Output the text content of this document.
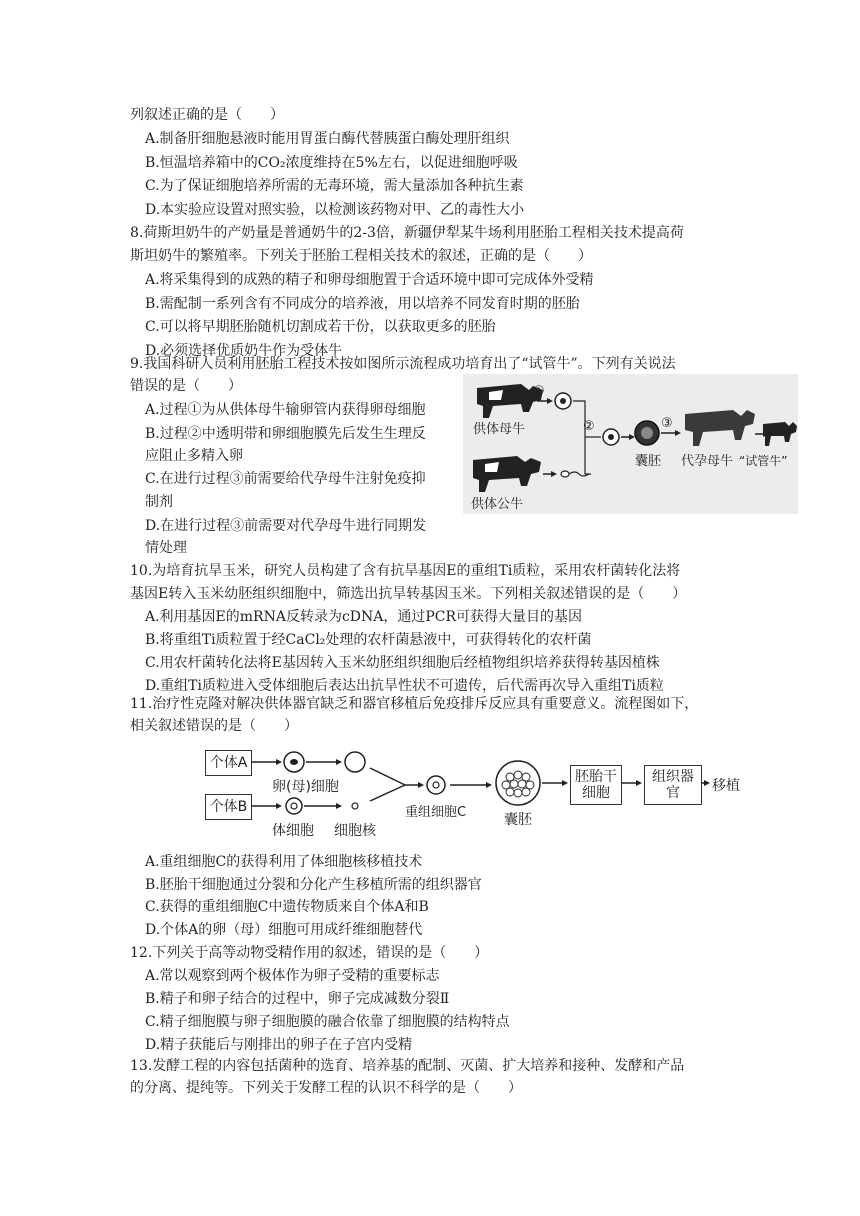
列叙述正确的是（　　）
A.制备肝细胞悬液时能用胃蛋白酶代替胰蛋白酶处理肝组织
B.恒温培养箱中的CO₂浓度维持在5%左右，以促进细胞呼吸
C.为了保证细胞培养所需的无毒环境，需大量添加各种抗生素
D.本实验应设置对照实验，以检测该药物对甲、乙的毒性大小
8.荷斯坦奶牛的产奶量是普通奶牛的2-3倍，新疆伊犁某牛场利用胚胎工程相关技术提高荷
斯坦奶牛的繁殖率。下列关于胚胎工程相关技术的叙述，正确的是（　　）
A.将采集得到的成熟的精子和卵母细胞置于合适环境中即可完成体外受精
B.需配制一系列含有不同成分的培养液，用以培养不同发育时期的胚胎
C.可以将早期胚胎随机切割成若干份，以获取更多的胚胎
D.必须选择优质奶牛作为受体牛
9.我国科研人员利用胚胎工程技术按如图所示流程成功培育出了“试管牛”。下列有关说法
错误的是（　　）
A.过程①为从供体母牛输卵管内获得卵母细胞
B.过程②中透明带和卵细胞膜先后发生生理反
应阻止多精入卵
C.在进行过程③前需要给代孕母牛注射免疫抑
制剂
D.在进行过程③前需要对代孕母牛进行同期发
情处理
10.为培育抗旱玉米，研究人员构建了含有抗旱基因E的重组Ti质粒，采用农杆菌转化法将
基因E转入玉米幼胚组织细胞中，筛选出抗旱转基因玉米。下列相关叙述错误的是（　　）
A.利用基因E的mRNA反转录为cDNA，通过PCR可获得大量目的基因
B.将重组Ti质粒置于经CaCl₂处理的农杆菌悬液中，可获得转化的农杆菌
C.用农杆菌转化法将E基因转入玉米幼胚组织细胞后经植物组织培养获得转基因植株
D.重组Ti质粒进入受体细胞后表达出抗旱性状不可遗传，后代需再次导入重组Ti质粒
11.治疗性克隆对解决供体器官缺乏和器官移植后免疫排斥反应具有重要意义。流程图如下，
相关叙述错误的是（　　）
A.重组细胞C的获得利用了体细胞核移植技术
B.胚胎干细胞通过分裂和分化产生移植所需的组织器官
C.获得的重组细胞C中遗传物质来自个体A和B
D.个体A的卵（母）细胞可用成纤维细胞替代
12.下列关于高等动物受精作用的叙述，错误的是（　　）
A.常以观察到两个极体作为卵子受精的重要标志
B.精子和卵子结合的过程中，卵子完成减数分裂Ⅱ
C.精子细胞膜与卵子细胞膜的融合依靠了细胞膜的结构特点
D.精子获能后与刚排出的卵子在子宫内受精
13.发酵工程的内容包括菌种的选育、培养基的配制、灭菌、扩大培养和接种、发酵和产品
的分离、提纯等。下列关于发酵工程的认识不科学的是（　　）
供体母牛
供体公牛
①
②	③
囊胚 代孕母牛 “试管牛”
个体A
个体B
卵(母)细胞
体细胞 细胞核
重组细胞C	囊胚
胚胎干细胞
组织器官	移植
